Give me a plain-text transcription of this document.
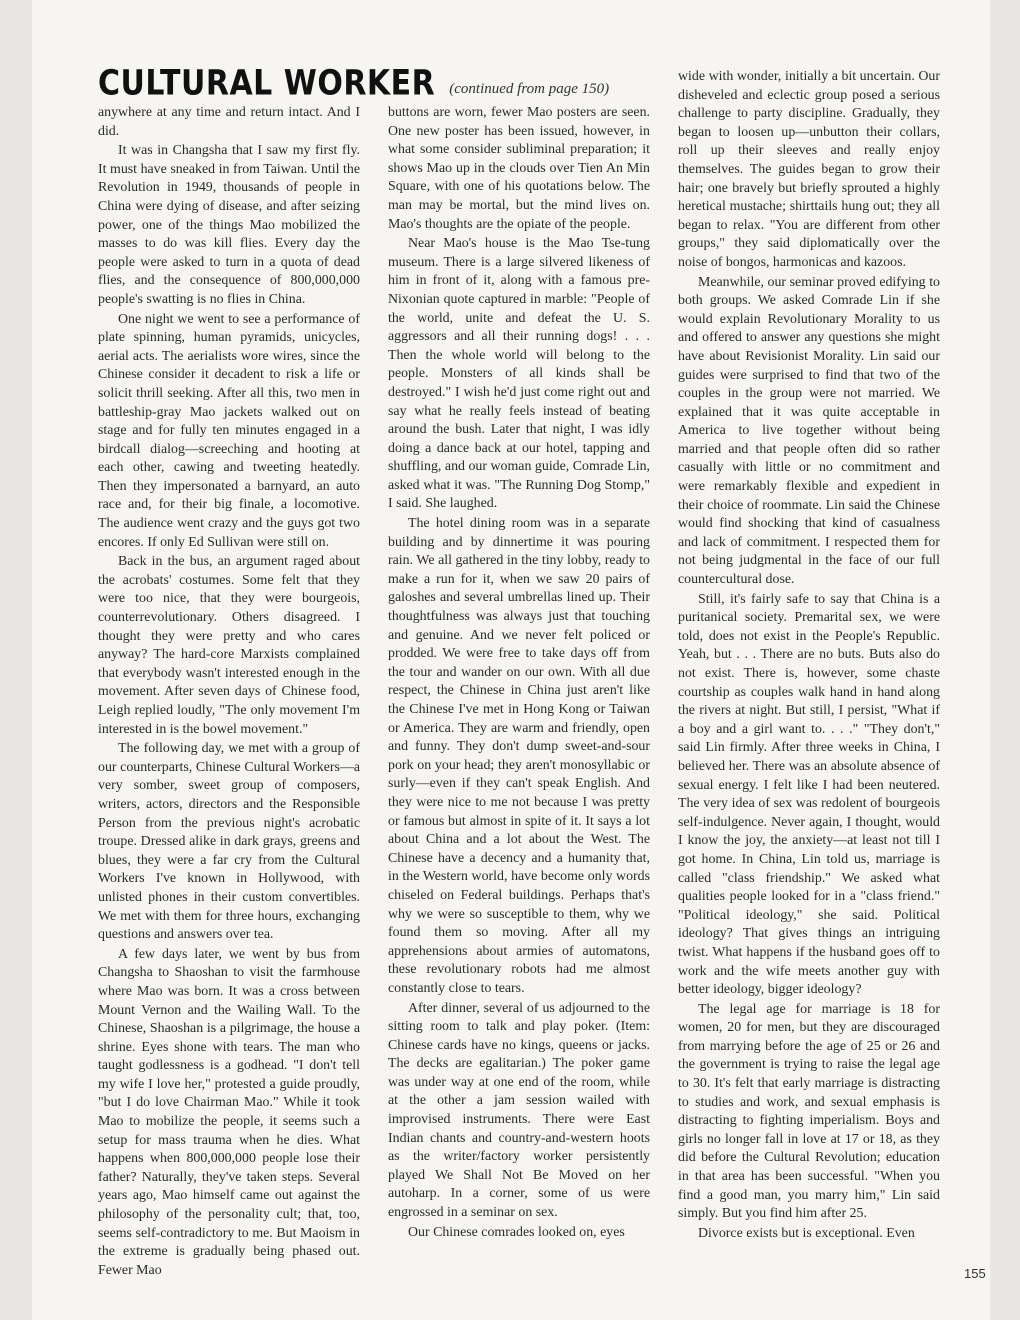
CULTURAL WORKER (continued from page 150)

anywhere at any time and return intact. And I did.

It was in Changsha that I saw my first fly. It must have sneaked in from Taiwan. Until the Revolution in 1949, thousands of people in China were dying of disease, and after seizing power, one of the things Mao mobilized the masses to do was kill flies. Every day the people were asked to turn in a quota of dead flies, and the consequence of 800,000,000 people's swatting is no flies in China.

One night we went to see a performance of plate spinning, human pyramids, unicycles, aerial acts. The aerialists wore wires, since the Chinese consider it decadent to risk a life or solicit thrill seeking. After all this, two men in battleship-gray Mao jackets walked out on stage and for fully ten minutes engaged in a birdcall dialog—screeching and hooting at each other, cawing and tweeting heatedly. Then they impersonated a barnyard, an auto race and, for their big finale, a locomotive. The audience went crazy and the guys got two encores. If only Ed Sullivan were still on.

Back in the bus, an argument raged about the acrobats' costumes. Some felt that they were too nice, that they were bourgeois, counterrevolutionary. Others disagreed. I thought they were pretty and who cares anyway? The hard-core Marxists complained that everybody wasn't interested enough in the movement. After seven days of Chinese food, Leigh replied loudly, "The only movement I'm interested in is the bowel movement."

The following day, we met with a group of our counterparts, Chinese Cultural Workers—a very somber, sweet group of composers, writers, actors, directors and the Responsible Person from the previous night's acrobatic troupe. Dressed alike in dark grays, greens and blues, they were a far cry from the Cultural Workers I've known in Hollywood, with unlisted phones in their custom convertibles. We met with them for three hours, exchanging questions and answers over tea.

A few days later, we went by bus from Changsha to Shaoshan to visit the farmhouse where Mao was born. It was a cross between Mount Vernon and the Wailing Wall. To the Chinese, Shaoshan is a pilgrimage, the house a shrine. Eyes shone with tears. The man who taught godlessness is a godhead. "I don't tell my wife I love her," protested a guide proudly, "but I do love Chairman Mao." While it took Mao to mobilize the people, it seems such a setup for mass trauma when he dies. What happens when 800,000,000 people lose their father? Naturally, they've taken steps. Several years ago, Mao himself came out against the philosophy of the personality cult; that, too, seems self-contradictory to me. But Maoism in the extreme is gradually being phased out. Fewer Mao

buttons are worn, fewer Mao posters are seen. One new poster has been issued, however, in what some consider subliminal preparation; it shows Mao up in the clouds over Tien An Min Square, with one of his quotations below. The man may be mortal, but the mind lives on. Mao's thoughts are the opiate of the people.

Near Mao's house is the Mao Tse-tung museum. There is a large silvered likeness of him in front of it, along with a famous pre-Nixonian quote captured in marble: "People of the world, unite and defeat the U. S. aggressors and all their running dogs! . . . Then the whole world will belong to the people. Monsters of all kinds shall be destroyed." I wish he'd just come right out and say what he really feels instead of beating around the bush. Later that night, I was idly doing a dance back at our hotel, tapping and shuffling, and our woman guide, Comrade Lin, asked what it was. "The Running Dog Stomp," I said. She laughed.

The hotel dining room was in a separate building and by dinnertime it was pouring rain. We all gathered in the tiny lobby, ready to make a run for it, when we saw 20 pairs of galoshes and several umbrellas lined up. Their thoughtfulness was always just that touching and genuine. And we never felt policed or prodded. We were free to take days off from the tour and wander on our own. With all due respect, the Chinese in China just aren't like the Chinese I've met in Hong Kong or Taiwan or America. They are warm and friendly, open and funny. They don't dump sweet-and-sour pork on your head; they aren't monosyllabic or surly—even if they can't speak English. And they were nice to me not because I was pretty or famous but almost in spite of it. It says a lot about China and a lot about the West. The Chinese have a decency and a humanity that, in the Western world, have become only words chiseled on Federal buildings. Perhaps that's why we were so susceptible to them, why we found them so moving. After all my apprehensions about armies of automatons, these revolutionary robots had me almost constantly close to tears.

After dinner, several of us adjourned to the sitting room to talk and play poker. (Item: Chinese cards have no kings, queens or jacks. The decks are egalitarian.) The poker game was under way at one end of the room, while at the other a jam session wailed with improvised instruments. There were East Indian chants and country-and-western hoots as the writer/factory worker persistently played We Shall Not Be Moved on her autoharp. In a corner, some of us were engrossed in a seminar on sex.

Our Chinese comrades looked on, eyes

wide with wonder, initially a bit uncertain. Our disheveled and eclectic group posed a serious challenge to party discipline. Gradually, they began to loosen up—unbutton their collars, roll up their sleeves and really enjoy themselves. The guides began to grow their hair; one bravely but briefly sprouted a highly heretical mustache; shirttails hung out; they all began to relax. "You are different from other groups," they said diplomatically over the noise of bongos, harmonicas and kazoos.

Meanwhile, our seminar proved edifying to both groups. We asked Comrade Lin if she would explain Revolutionary Morality to us and offered to answer any questions she might have about Revisionist Morality. Lin said our guides were surprised to find that two of the couples in the group were not married. We explained that it was quite acceptable in America to live together without being married and that people often did so rather casually with little or no commitment and were remarkably flexible and expedient in their choice of roommate. Lin said the Chinese would find shocking that kind of casualness and lack of commitment. I respected them for not being judgmental in the face of our full countercultural dose.

Still, it's fairly safe to say that China is a puritanical society. Premarital sex, we were told, does not exist in the People's Republic. Yeah, but . . . There are no buts. Buts also do not exist. There is, however, some chaste courtship as couples walk hand in hand along the rivers at night. But still, I persist, "What if a boy and a girl want to. . . ." "They don't," said Lin firmly. After three weeks in China, I believed her. There was an absolute absence of sexual energy. I felt like I had been neutered. The very idea of sex was redolent of bourgeois self-indulgence. Never again, I thought, would I know the joy, the anxiety—at least not till I got home. In China, Lin told us, marriage is called "class friendship." We asked what qualities people looked for in a "class friend." "Political ideology," she said. Political ideology? That gives things an intriguing twist. What happens if the husband goes off to work and the wife meets another guy with better ideology, bigger ideology?

The legal age for marriage is 18 for women, 20 for men, but they are discouraged from marrying before the age of 25 or 26 and the government is trying to raise the legal age to 30. It's felt that early marriage is distracting to studies and work, and sexual emphasis is distracting to fighting imperialism. Boys and girls no longer fall in love at 17 or 18, as they did before the Cultural Revolution; education in that area has been successful. "When you find a good man, you marry him," Lin said simply. But you find him after 25.

Divorce exists but is exceptional. Even

155
